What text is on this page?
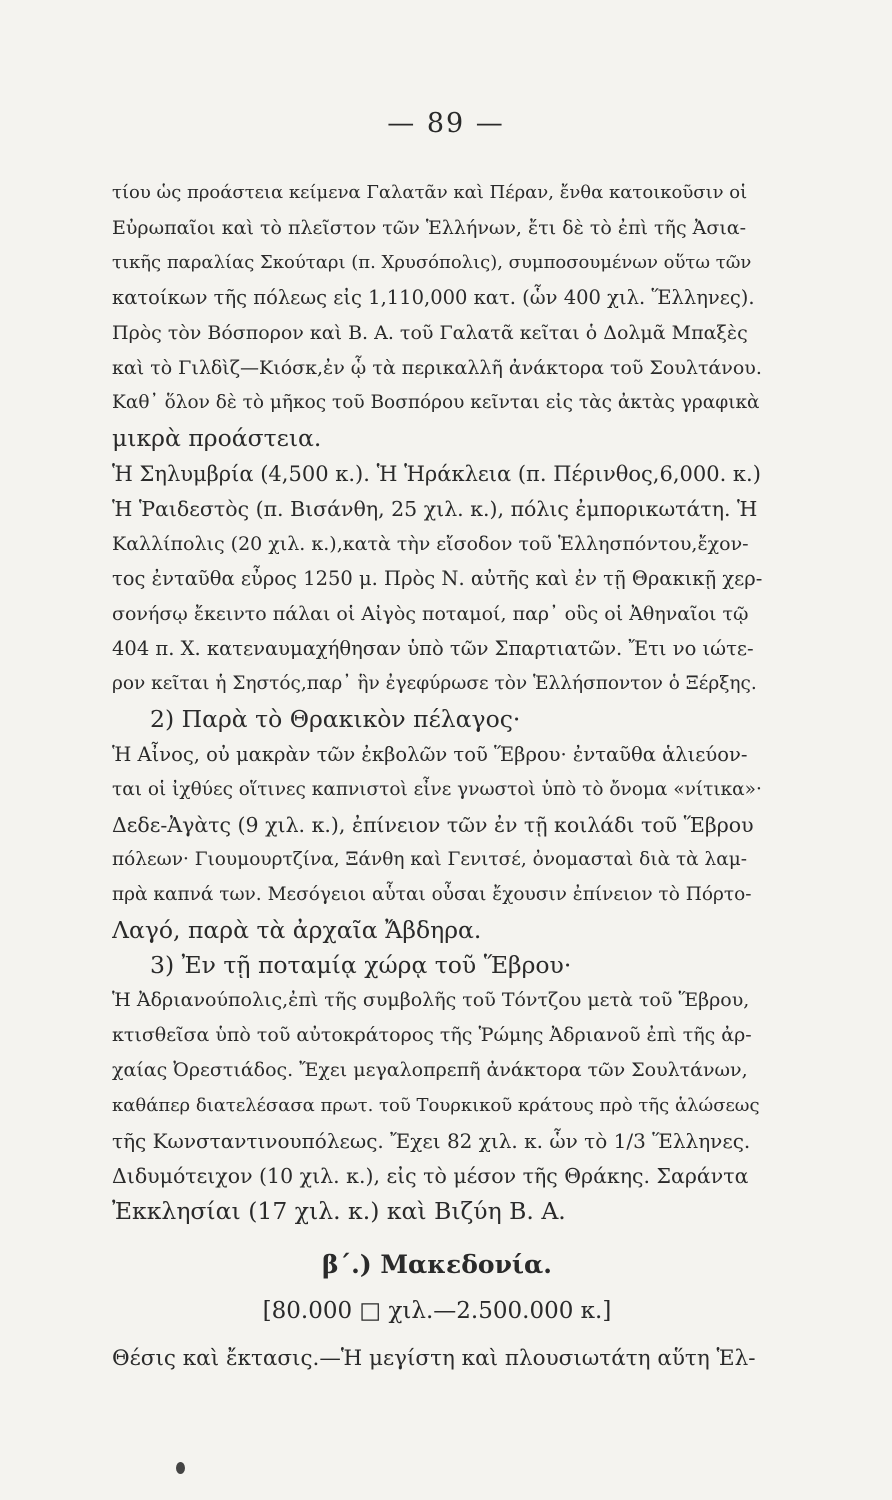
— 89 —
τίου ὡς προάστεια κείμενα Γαλατᾶν καὶ Πέραν, ἔνθα κατοικοῦσιν οἱ
Εὐρωπαῖοι καὶ τὸ πλεῖστον τῶν Ἑλλήνων, ἔτι δὲ τὸ ἐπὶ τῆς Ἀσια-
τικῆς παραλίας Σκούταρι (π. Χρυσόπολις), συμποσουμένων οὕτω τῶν
κατοίκων τῆς πόλεως εἰς 1,110,000 κατ. (ὧν 400 χιλ. Ἕλληνες).
Πρὸς τὸν Βόσπορον καὶ Β. Α. τοῦ Γαλατᾶ κεῖται ὁ Δολμᾶ Μπαξὲς
καὶ τὸ Γιλδὶζ—Κιόσκ,ἐν ᾧ τὰ περικαλλῆ ἀνάκτορα τοῦ Σουλτάνου.
Καθ᾽ ὅλον δὲ τὸ μῆκος τοῦ Βοσπόρου κεῖνται εἰς τὰς ἀκτὰς γραφικὰ
μικρὰ προάστεια.
Ἡ Σηλυμβρία (4,500 κ.). Ἡ Ἡράκλεια (π. Πέρινθος,6,000. κ.)
Ἡ Ῥαιδεστὸς (π. Βισάνθη, 25 χιλ. κ.), πόλις ἐμπορικωτάτη. Ἡ
Καλλίπολις (20 χιλ. κ.),κατὰ τὴν εἴσοδον τοῦ Ἑλλησπόντου,ἔχον-
τος ἐνταῦθα εὖρος 1250 μ. Πρὸς Ν. αὐτῆς καὶ ἐν τῇ Θρακικῇ χερ-
σονήσῳ ἔκειντο πάλαι οἱ Αἰγὸς ποταμοί, παρ᾽ οὓς οἱ Ἀθηναῖοι τῷ
404 π. Χ. κατεναυμαχήθησαν ὑπὸ τῶν Σπαρτιατῶν. Ἔτι νο ιώτε-
ρον κεῖται ἡ Σηστός,παρ᾽ ἣν ἐγεφύρωσε τὸν Ἑλλήσποντον ὁ Ξέρξης.
2) Παρὰ τὸ Θρακικὸν πέλαγος·
Ἡ Αἶνος, οὐ μακρὰν τῶν ἐκβολῶν τοῦ Ἕβρου· ἐνταῦθα ἁλιεύον-
ται οἱ ἰχθύες οἵτινες καπνιστοὶ εἶνε γνωστοὶ ὑπὸ τὸ ὄνομα «νίτικα»·
Δεδε-Ἀγὰτς (9 χιλ. κ.), ἐπίνειον τῶν ἐν τῇ κοιλάδι τοῦ Ἕβρου
πόλεων· Γιουμουρτζίνα, Ξάνθη καὶ Γενιτσέ, ὀνομασταὶ διὰ τὰ λαμ-
πρὰ καπνά των. Μεσόγειοι αὗται οὖσαι ἔχουσιν ἐπίνειον τὸ Πόρτο-
Λαγό, παρὰ τὰ ἀρχαῖα Ἄβδηρα.
3) Ἐν τῇ ποταμίᾳ χώρᾳ τοῦ Ἕβρου·
Ἡ Ἀδριανούπολις,ἐπὶ τῆς συμβολῆς τοῦ Τόντζου μετὰ τοῦ Ἕβρου,
κτισθεῖσα ὑπὸ τοῦ αὐτοκράτορος τῆς Ῥώμης Ἀδριανοῦ ἐπὶ τῆς ἀρ-
χαίας Ὀρεστιάδος. Ἔχει μεγαλοπρεπῆ ἀνάκτορα τῶν Σουλτάνων,
καθάπερ διατελέσασα πρωτ. τοῦ Τουρκικοῦ κράτους πρὸ τῆς ἁλώσεως
τῆς Κωνσταντινουπόλεως. Ἔχει 82 χιλ. κ. ὧν τὸ 1/3 Ἕλληνες.
Διδυμότειχον (10 χιλ. κ.), εἰς τὸ μέσον τῆς Θράκης. Σαράντα
Ἐκκλησίαι (17 χιλ. κ.) καὶ Βιζύη Β. Α.
β΄.) Μακεδονία.
[80.000 □ χιλ.—2.500.000 κ.]
Θέσις καὶ ἔκτασις.—Ἡ μεγίστη καὶ πλουσιωτάτη αὕτη Ἑλ-
